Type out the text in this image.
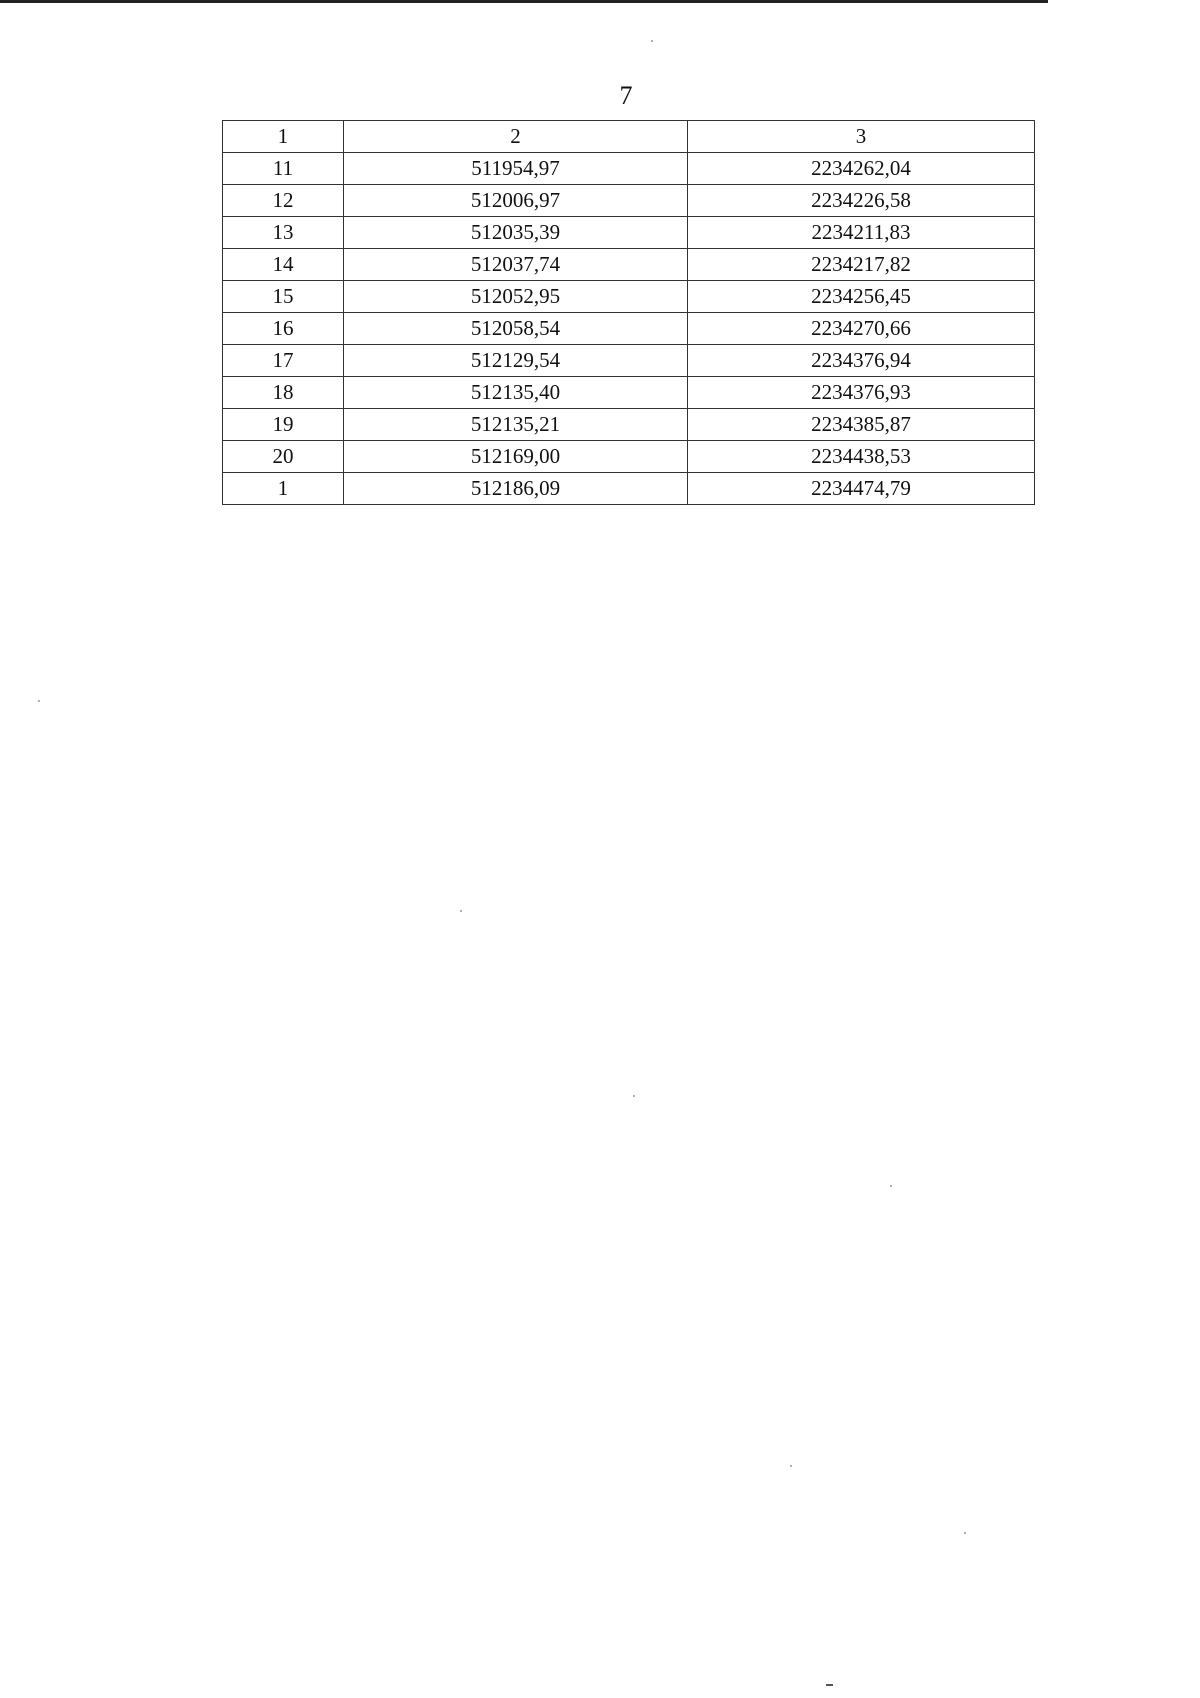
7
1	2	3
11	511954,97	2234262,04
12	512006,97	2234226,58
13	512035,39	2234211,83
14	512037,74	2234217,82
15	512052,95	2234256,45
16	512058,54	2234270,66
17	512129,54	2234376,94
18	512135,40	2234376,93
19	512135,21	2234385,87
20	512169,00	2234438,53
1	512186,09	2234474,79
